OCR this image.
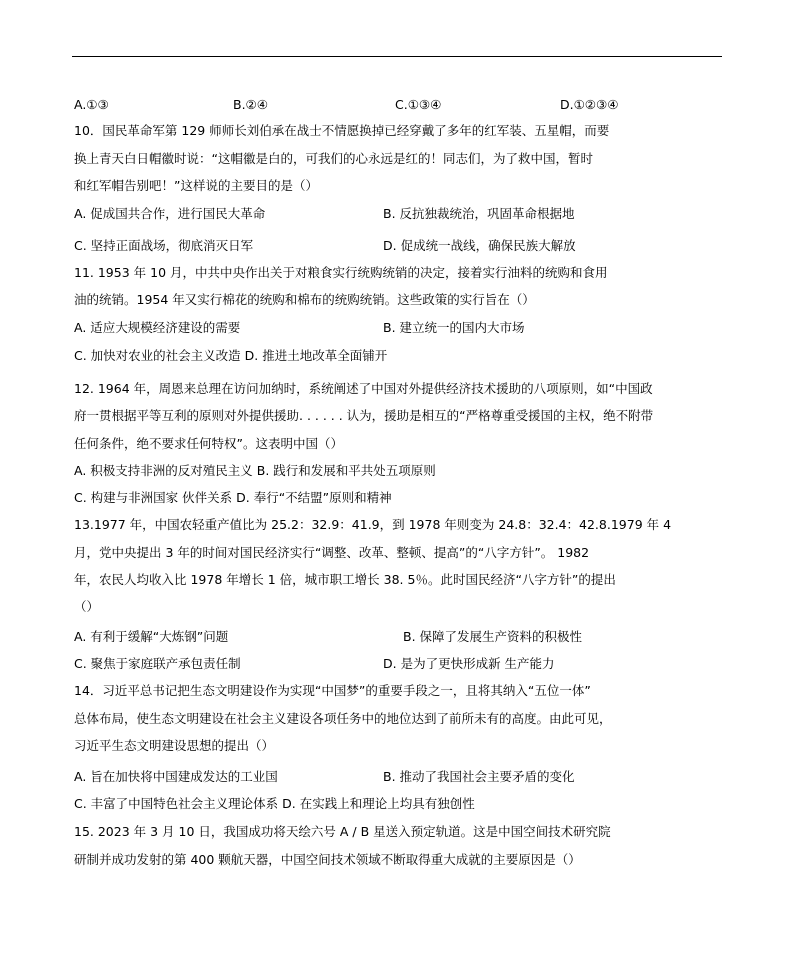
A.①③	B.②④	C.①③④	D.①②③④
10．国民革命军第 129 师师长刘伯承在战士不情愿换掉已经穿戴了多年的红军装、五星帽，而要
换上青天白日帽徽时说：“这帽徽是白的，可我们的心永远是红的！同志们，为了救中国，暂时
和红军帽告别吧！”这样说的主要目的是（）
A. 促成国共合作，进行国民大革命	B. 反抗独裁统治，巩固革命根据地
C. 坚持正面战场，彻底消灭日军	D. 促成统一战线，确保民族大解放
11. 1953 年 10 月，中共中央作出关于对粮食实行统购统销的决定，接着实行油料的统购和食用
油的统销。1954 年又实行棉花的统购和棉布的统购统销。这些政策的实行旨在（）
A. 适应大规模经济建设的需要	B. 建立统一的国内大市场
C. 加快对农业的社会主义改造 D. 推进土地改革全面铺开
12. 1964 年，周恩来总理在访问加纳时，系统阐述了中国对外提供经济技术援助的八项原则，如“中国政
府一贯根据平等互利的原则对外提供援助. . . . . . 认为，援助是相互的“严格尊重受援国的主权，绝不附带
任何条件，绝不要求任何特权”。这表明中国（）
A. 积极支持非洲的反对殖民主义 B. 践行和发展和平共处五项原则
C. 构建与非洲国家 伙伴关系 D. 奉行“不结盟”原则和精神
13.1977 年，中国农轻重产值比为 25.2：32.9：41.9，到 1978 年则变为 24.8：32.4：42.8.1979 年 4
月，党中央提出 3 年的时间对国民经济实行“调整、改革、整顿、提高”的“八字方针”。 1982
年，农民人均收入比 1978 年增长 1 倍，城市职工增长 38. 5％。此时国民经济“八字方针”的提出
（）
A. 有利于缓解“大炼钢”问题	B. 保障了发展生产资料的积极性
C. 聚焦于家庭联产承包责任制	D. 是为了更快形成新 生产能力
14．习近平总书记把生态文明建设作为实现“中国梦”的重要手段之一，且将其纳入“五位一体”
总体布局，使生态文明建设在社会主义建设各项任务中的地位达到了前所未有的高度。由此可见，
习近平生态文明建设思想的提出（）
A. 旨在加快将中国建成发达的工业国	B. 推动了我国社会主要矛盾的变化
C. 丰富了中国特色社会主义理论体系 D. 在实践上和理论上均具有独创性
15. 2023 年 3 月 10 日，我国成功将天绘六号 A / B 星送入预定轨道。这是中国空间技术研究院
研制并成功发射的第 400 颗航天器，中国空间技术领域不断取得重大成就的主要原因是（）
